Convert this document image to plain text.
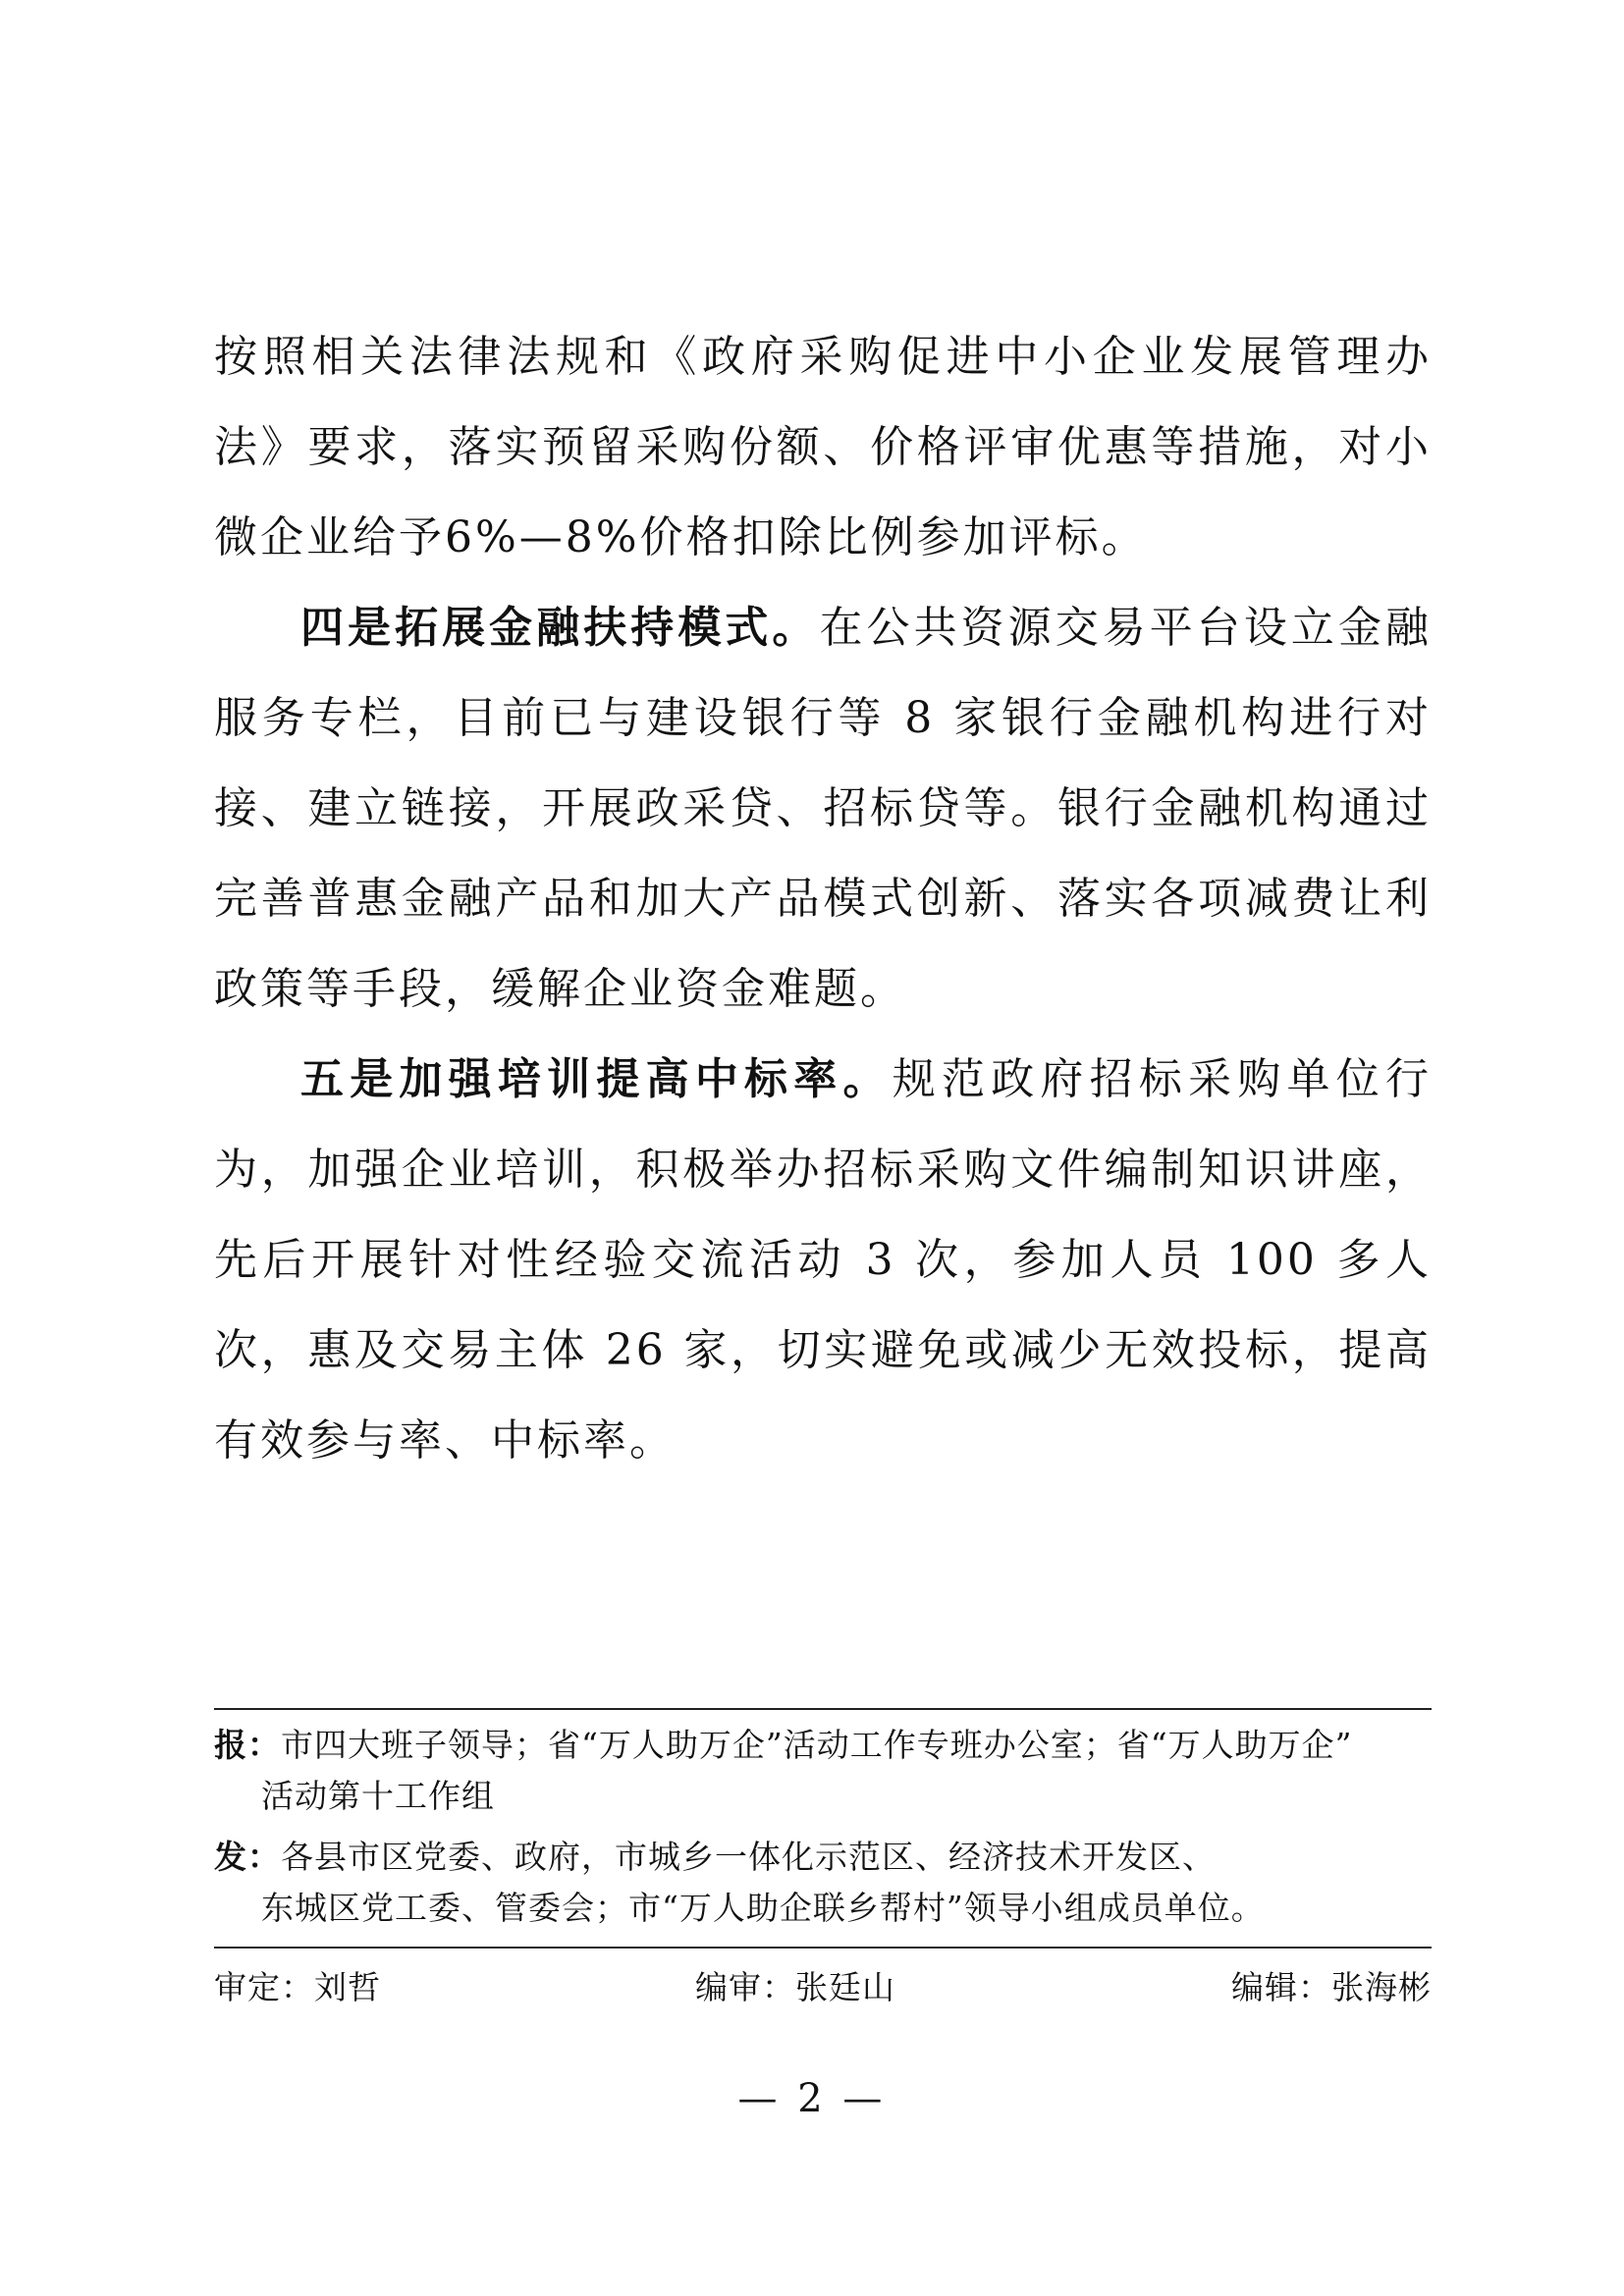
按照相关法律法规和《政府采购促进中小企业发展管理办法》要求，落实预留采购份额、价格评审优惠等措施，对小微企业给予6%—8%价格扣除比例参加评标。

四是拓展金融扶持模式。在公共资源交易平台设立金融服务专栏，目前已与建设银行等 8 家银行金融机构进行对接、建立链接，开展政采贷、招标贷等。银行金融机构通过完善普惠金融产品和加大产品模式创新、落实各项减费让利政策等手段，缓解企业资金难题。

五是加强培训提高中标率。规范政府招标采购单位行为，加强企业培训，积极举办招标采购文件编制知识讲座，先后开展针对性经验交流活动 3 次，参加人员 100 多人次，惠及交易主体 26 家，切实避免或减少无效投标，提高有效参与率、中标率。

报：市四大班子领导；省“万人助万企”活动工作专班办公室；省“万人助万企”
活动第十工作组
发：各县市区党委、政府，市城乡一体化示范区、经济技术开发区、
东城区党工委、管委会；市“万人助企联乡帮村”领导小组成员单位。
审定：刘哲	编审：张廷山	编辑：张海彬
— 2 —
